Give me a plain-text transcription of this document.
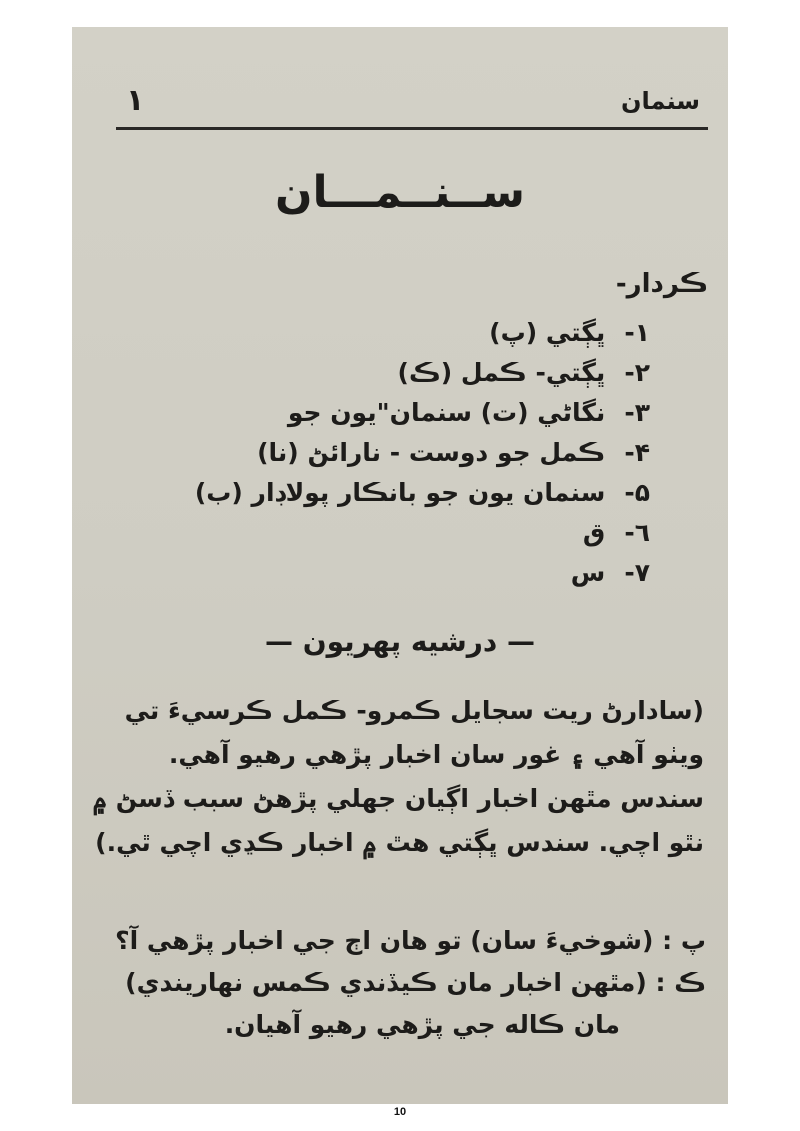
١	سنمان
ســنــمـــان
ڪردار-
١- ڀڳتي (پ)
٢- ڀڳتي- ڪمل (ڪ)
٣- نگاڻي (ت) سنمان"يون جو
۴- ڪمل جو دوست - نارائڻ (نا)
۵- سنمان يون جو بانڪار پولاڊار (ب)
٦- ق
٧- س
— درشيه پهريون —

(سادارڻ ريت سجايل ڪمرو- ڪمل ڪرسيءَ تي ويٺو آهي ۽ غور سان اخبار پڙهي رهيو آهي. سندس مٿهن اخبار اڳيان جهلي پڙهڻ سبب ڏسڻ ۾ نٿو اچي. سندس ڀڳتي هٿ ۾ اخبار ڪڍي اچي ٿي.)

پ : (شوخيءَ سان) تو هان اڄ جي اخبار پڙهي آ؟
ڪ : (مٿهن اخبار مان ڪيڏندي ڪمس نهاريندي)
مان ڪاله جي پڙهي رهيو آهيان.
10
